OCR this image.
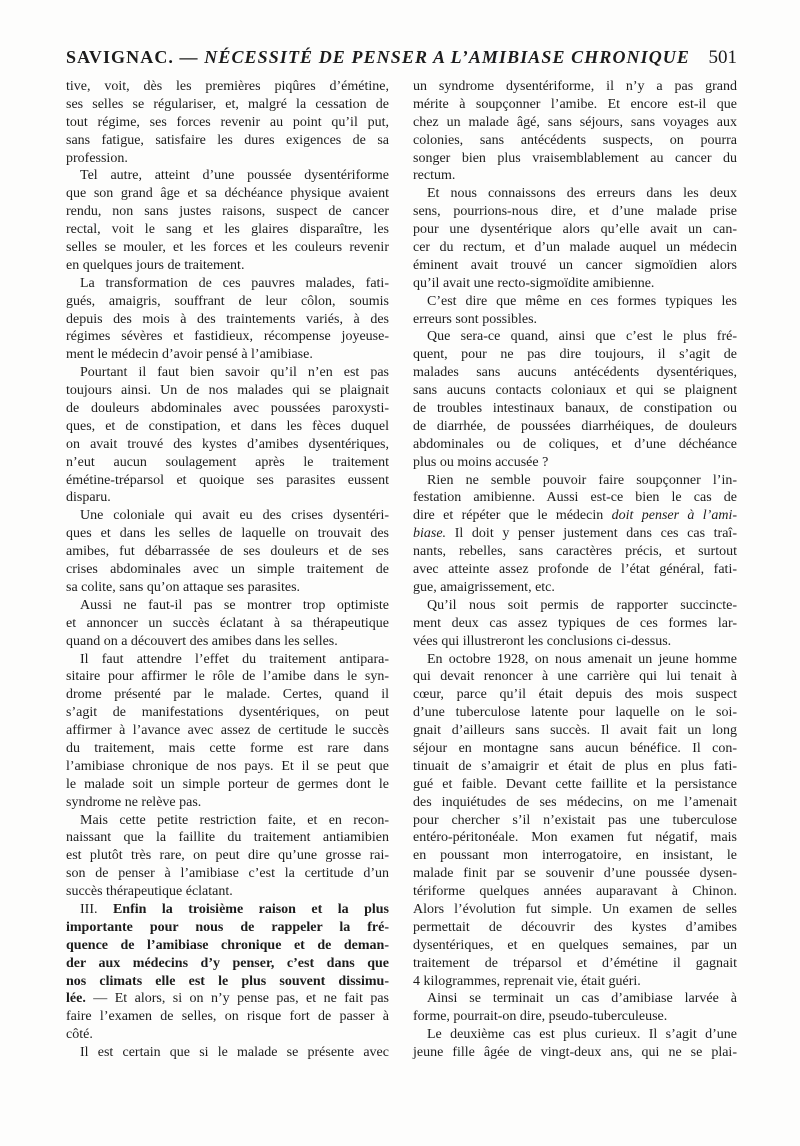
SAVIGNAC. — NÉCESSITÉ DE PENSER A L’AMIBIASE CHRONIQUE 501
tive, voit, dès les premières piqûres d’émétine,
ses selles se régulariser, et, malgré la cessation de
tout régime, ses forces revenir au point qu’il put,
sans fatigue, satisfaire les dures exigences de sa
profession.
Tel autre, atteint d’une poussée dysentériforme
que son grand âge et sa déchéance physique avaient
rendu, non sans justes raisons, suspect de cancer
rectal, voit le sang et les glaires disparaître, les
selles se mouler, et les forces et les couleurs revenir
en quelques jours de traitement.
La transformation de ces pauvres malades, fati-
gués, amaigris, souffrant de leur côlon, soumis
depuis des mois à des traintements variés, à des
régimes sévères et fastidieux, récompense joyeuse-
ment le médecin d’avoir pensé à l’amibiase.
Pourtant il faut bien savoir qu’il n’en est pas
toujours ainsi. Un de nos malades qui se plaignait
de douleurs abdominales avec poussées paroxysti-
ques, et de constipation, et dans les fèces duquel
on avait trouvé des kystes d’amibes dysentériques,
n’eut aucun soulagement après le traitement
émétine-tréparsol et quoique ses parasites eussent
disparu.
Une coloniale qui avait eu des crises dysentéri-
ques et dans les selles de laquelle on trouvait des
amibes, fut débarrassée de ses douleurs et de ses
crises abdominales avec un simple traitement de
sa colite, sans qu’on attaque ses parasites.
Aussi ne faut-il pas se montrer trop optimiste
et annoncer un succès éclatant à sa thérapeutique
quand on a découvert des amibes dans les selles.
Il faut attendre l’effet du traitement antipara-
sitaire pour affirmer le rôle de l’amibe dans le syn-
drome présenté par le malade. Certes, quand il
s’agit de manifestations dysentériques, on peut
affirmer à l’avance avec assez de certitude le succès
du traitement, mais cette forme est rare dans
l’amibiase chronique de nos pays. Et il se peut que
le malade soit un simple porteur de germes dont le
syndrome ne relève pas.
Mais cette petite restriction faite, et en recon-
naissant que la faillite du traitement antiamibien
est plutôt très rare, on peut dire qu’une grosse rai-
son de penser à l’amibiase c’est la certitude d’un
succès thérapeutique éclatant.
III. Enfin la troisième raison et la plus
importante pour nous de rappeler la fré-
quence de l’amibiase chronique et de deman-
der aux médecins d’y penser, c’est dans que
nos climats elle est le plus souvent dissimu-
lée. — Et alors, si on n’y pense pas, et ne fait pas
faire l’examen de selles, on risque fort de passer à
côté.
Il est certain que si le malade se présente avec
un syndrome dysentériforme, il n’y a pas grand
mérite à soupçonner l’amibe. Et encore est-il que
chez un malade âgé, sans séjours, sans voyages aux
colonies, sans antécédents suspects, on pourra
songer bien plus vraisemblablement au cancer du
rectum.
Et nous connaissons des erreurs dans les deux
sens, pourrions-nous dire, et d’une malade prise
pour une dysentérique alors qu’elle avait un can-
cer du rectum, et d’un malade auquel un médecin
éminent avait trouvé un cancer sigmoïdien alors
qu’il avait une recto-sigmoïdite amibienne.
C’est dire que même en ces formes typiques les
erreurs sont possibles.
Que sera-ce quand, ainsi que c’est le plus fré-
quent, pour ne pas dire toujours, il s’agit de
malades sans aucuns antécédents dysentériques,
sans aucuns contacts coloniaux et qui se plaignent
de troubles intestinaux banaux, de constipation ou
de diarrhée, de poussées diarrhéiques, de douleurs
abdominales ou de coliques, et d’une déchéance
plus ou moins accusée ?
Rien ne semble pouvoir faire soupçonner l’in-
festation amibienne. Aussi est-ce bien le cas de
dire et répéter que le médecin doit penser à l’ami-
biase. Il doit y penser justement dans ces cas traî-
nants, rebelles, sans caractères précis, et surtout
avec atteinte assez profonde de l’état général, fati-
gue, amaigrissement, etc.
Qu’il nous soit permis de rapporter succincte-
ment deux cas assez typiques de ces formes lar-
vées qui illustreront les conclusions ci-dessus.
En octobre 1928, on nous amenait un jeune homme
qui devait renoncer à une carrière qui lui tenait à
cœur, parce qu’il était depuis des mois suspect
d’une tuberculose latente pour laquelle on le soi-
gnait d’ailleurs sans succès. Il avait fait un long
séjour en montagne sans aucun bénéfice. Il con-
tinuait de s’amaigrir et était de plus en plus fati-
gué et faible. Devant cette faillite et la persistance
des inquiétudes de ses médecins, on me l’amenait
pour chercher s’il n’existait pas une tuberculose
entéro-péritonéale. Mon examen fut négatif, mais
en poussant mon interrogatoire, en insistant, le
malade finit par se souvenir d’une poussée dysen-
tériforme quelques années auparavant à Chinon.
Alors l’évolution fut simple. Un examen de selles
permettait de découvrir des kystes d’amibes
dysentériques, et en quelques semaines, par un
traitement de tréparsol et d’émétine il gagnait
4 kilogrammes, reprenait vie, était guéri.
Ainsi se terminait un cas d’amibiase larvée à
forme, pourrait-on dire, pseudo-tuberculeuse.
Le deuxième cas est plus curieux. Il s’agit d’une
jeune fille âgée de vingt-deux ans, qui ne se plai-
